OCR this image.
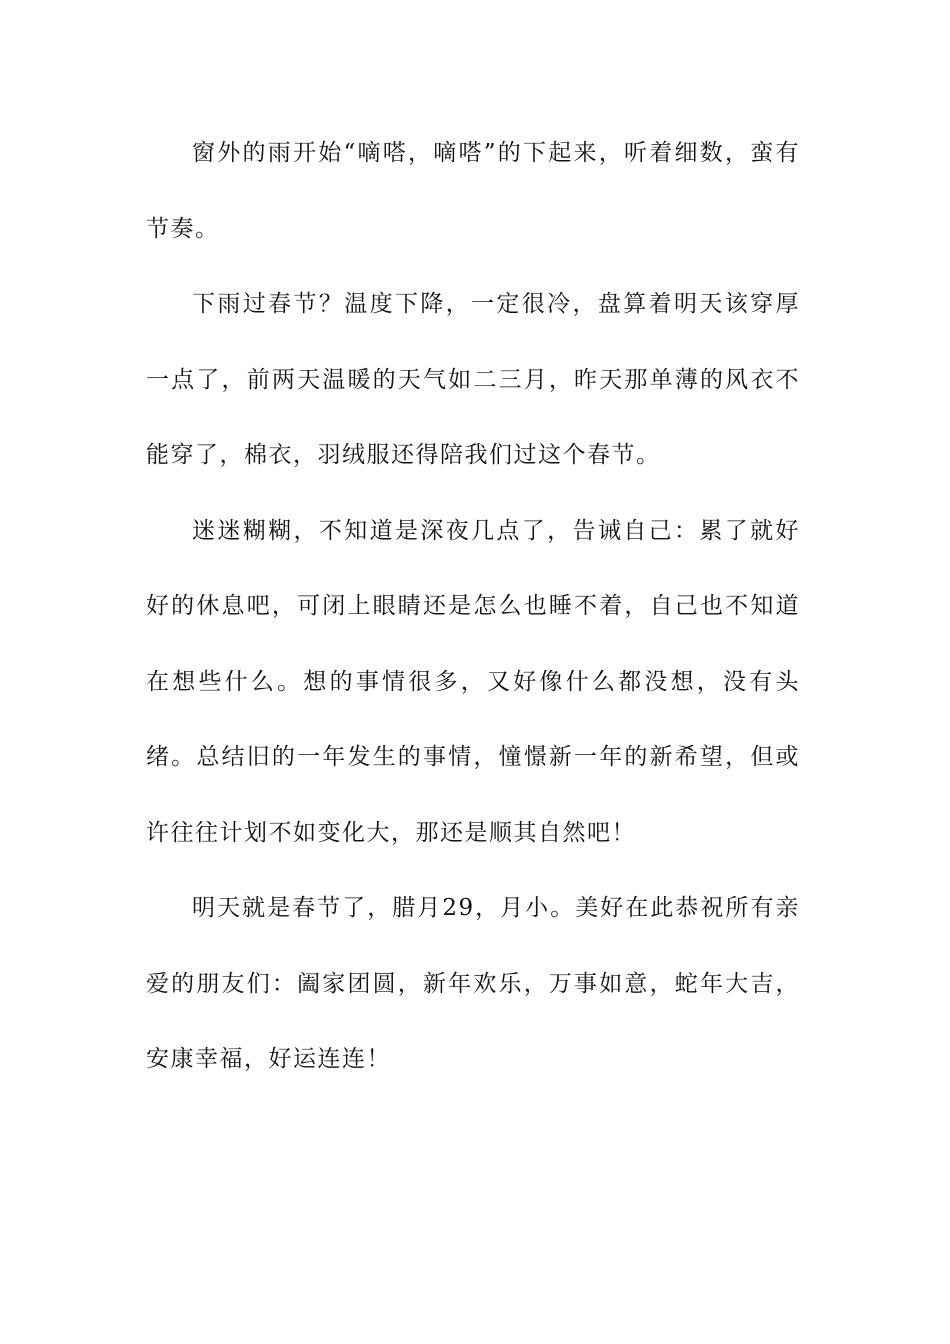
窗外的雨开始“嘀嗒，嘀嗒”的下起来，听着细数，蛮有节奏。

下雨过春节？温度下降，一定很冷，盘算着明天该穿厚一点了，前两天温暖的天气如二三月，昨天那单薄的风衣不能穿了，棉衣，羽绒服还得陪我们过这个春节。

迷迷糊糊，不知道是深夜几点了，告诫自己：累了就好好的休息吧，可闭上眼睛还是怎么也睡不着，自己也不知道在想些什么。想的事情很多，又好像什么都没想，没有头绪。总结旧的一年发生的事情，憧憬新一年的新希望，但或许往往计划不如变化大，那还是顺其自然吧！

明天就是春节了，腊月29，月小。美好在此恭祝所有亲爱的朋友们：阖家团圆，新年欢乐，万事如意，蛇年大吉，安康幸福，好运连连！
